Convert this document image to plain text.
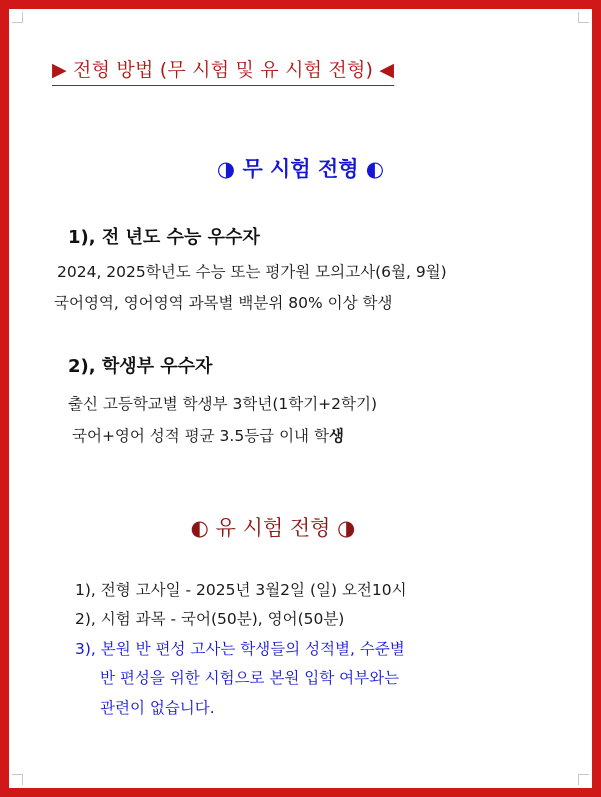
▶ 전형 방법 (무 시험 및 유 시험 전형) ◀
◑ 무 시험 전형 ◐
1), 전 년도 수능 우수자
2024, 2025학년도 수능 또는 평가원 모의고사(6월, 9월)
국어영역, 영어영역 과목별 백분위 80% 이상 학생
2), 학생부 우수자
출신 고등학교별 학생부 3학년(1학기+2학기)
국어+영어 성적 평균 3.5등급 이내 학생
◐ 유 시험 전형 ◑
1), 전형 고사일 - 2025년 3월2일 (일) 오전10시
2), 시험 과목 - 국어(50분), 영어(50분)
3), 본원 반 편성 고사는 학생들의 성적별, 수준별
반 편성을 위한 시험으로 본원 입학 여부와는
관련이 없습니다.
